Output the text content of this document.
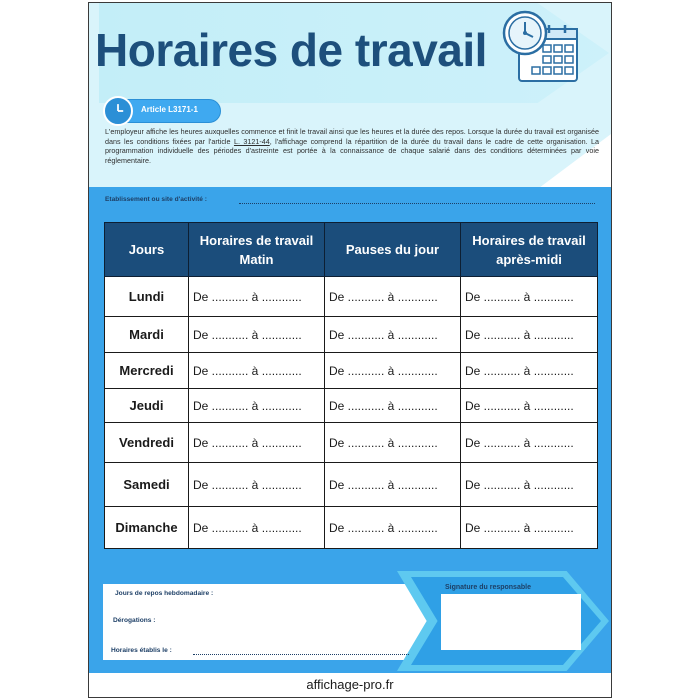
Horaires de travail
Article L3171-1

L'employeur affiche les heures auxquelles commence et finit le travail ainsi que les heures et la durée des repos. Lorsque la durée du travail est organisée dans les conditions fixées par l'article L. 3121-44, l'affichage comprend la répartition de la durée du travail dans le cadre de cette organisation. La programmation individuelle des périodes d'astreinte est portée à la connaissance de chaque salarié dans des conditions déterminées par voie réglementaire.

Etablissement ou site d'activité :
Jours	Horaires de travail Matin	Pauses du jour	Horaires de travail après-midi
Lundi	De ........... à ............	De ........... à ............	De ........... à ............
Mardi	De ........... à ............	De ........... à ............	De ........... à ............
Mercredi	De ........... à ............	De ........... à ............	De ........... à ............
Jeudi	De ........... à ............	De ........... à ............	De ........... à ............
Vendredi	De ........... à ............	De ........... à ............	De ........... à ............
Samedi	De ........... à ............	De ........... à ............	De ........... à ............
Dimanche	De ........... à ............	De ........... à ............	De ........... à ............
Jours de repos hebdomadaire :
Dérogations :
Horaires établis le :
Signature du responsable
affichage-pro.fr
